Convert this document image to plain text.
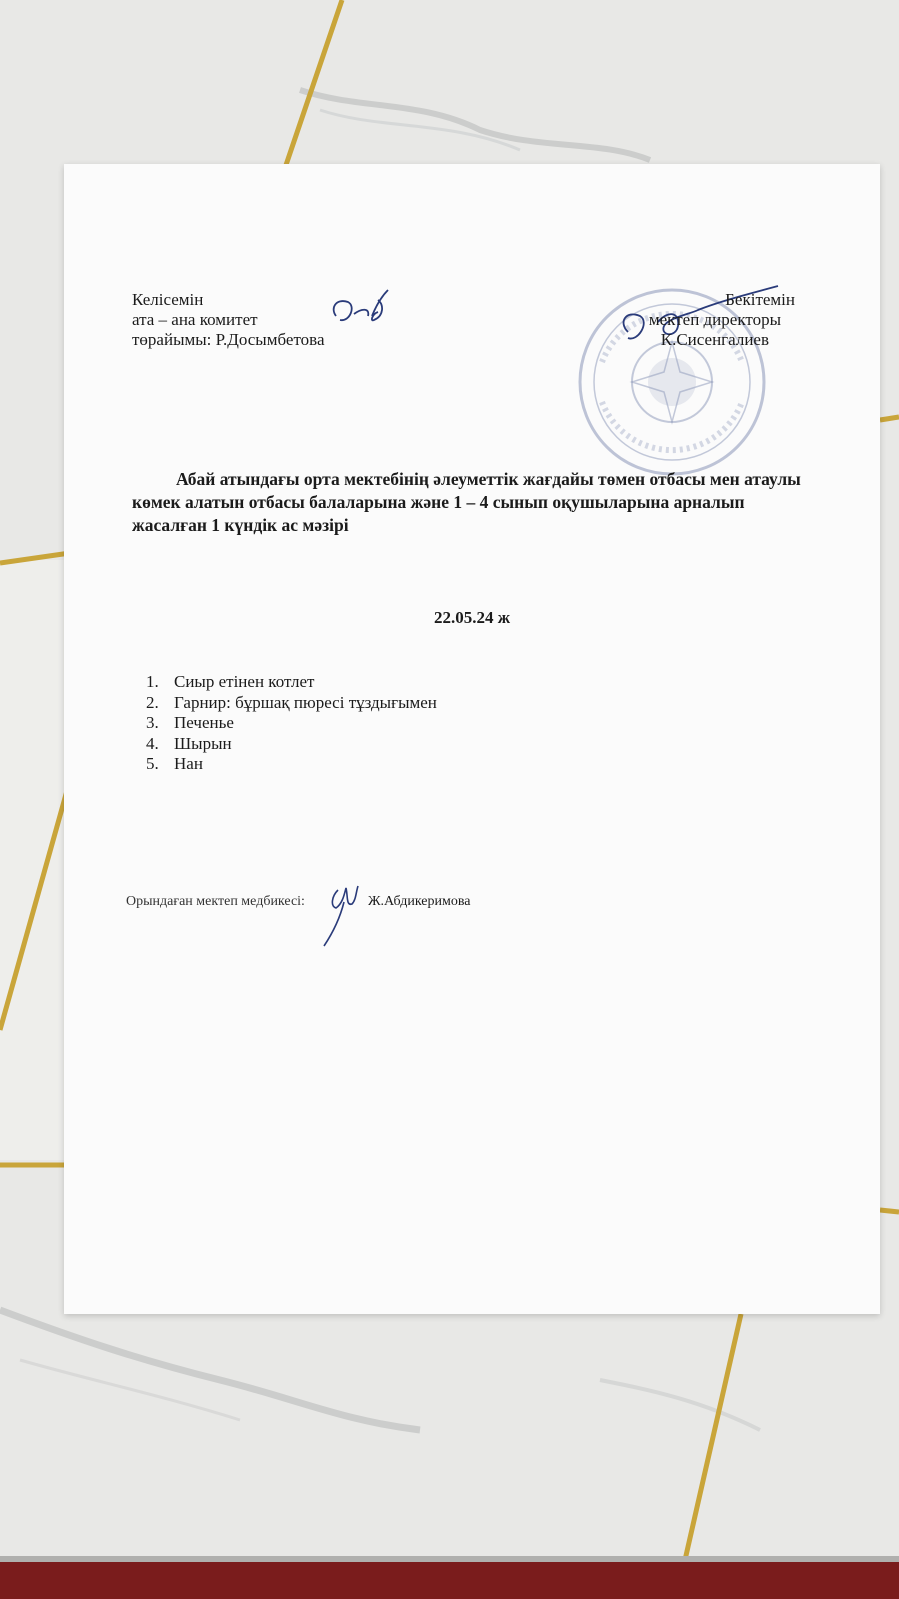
Келісемін
ата – ана комитет
төрайымы: Р.Досымбетова
Бекітемін
мектеп директоры
К.Сисенгалиев
Абай атындағы орта мектебінің әлеуметтік жағдайы төмен отбасы мен атаулы көмек алатын отбасы балаларына және 1 – 4 сынып оқушыларына арналып жасалған 1 күндік ас мәзірі
22.05.24 ж
1. Сиыр етінен котлет
2. Гарнир: бұршақ пюресі тұздығымен
3. Печенье
4. Шырын
5. Нан
Орындаған мектеп медбикесі:	Ж.Абдикеримова
